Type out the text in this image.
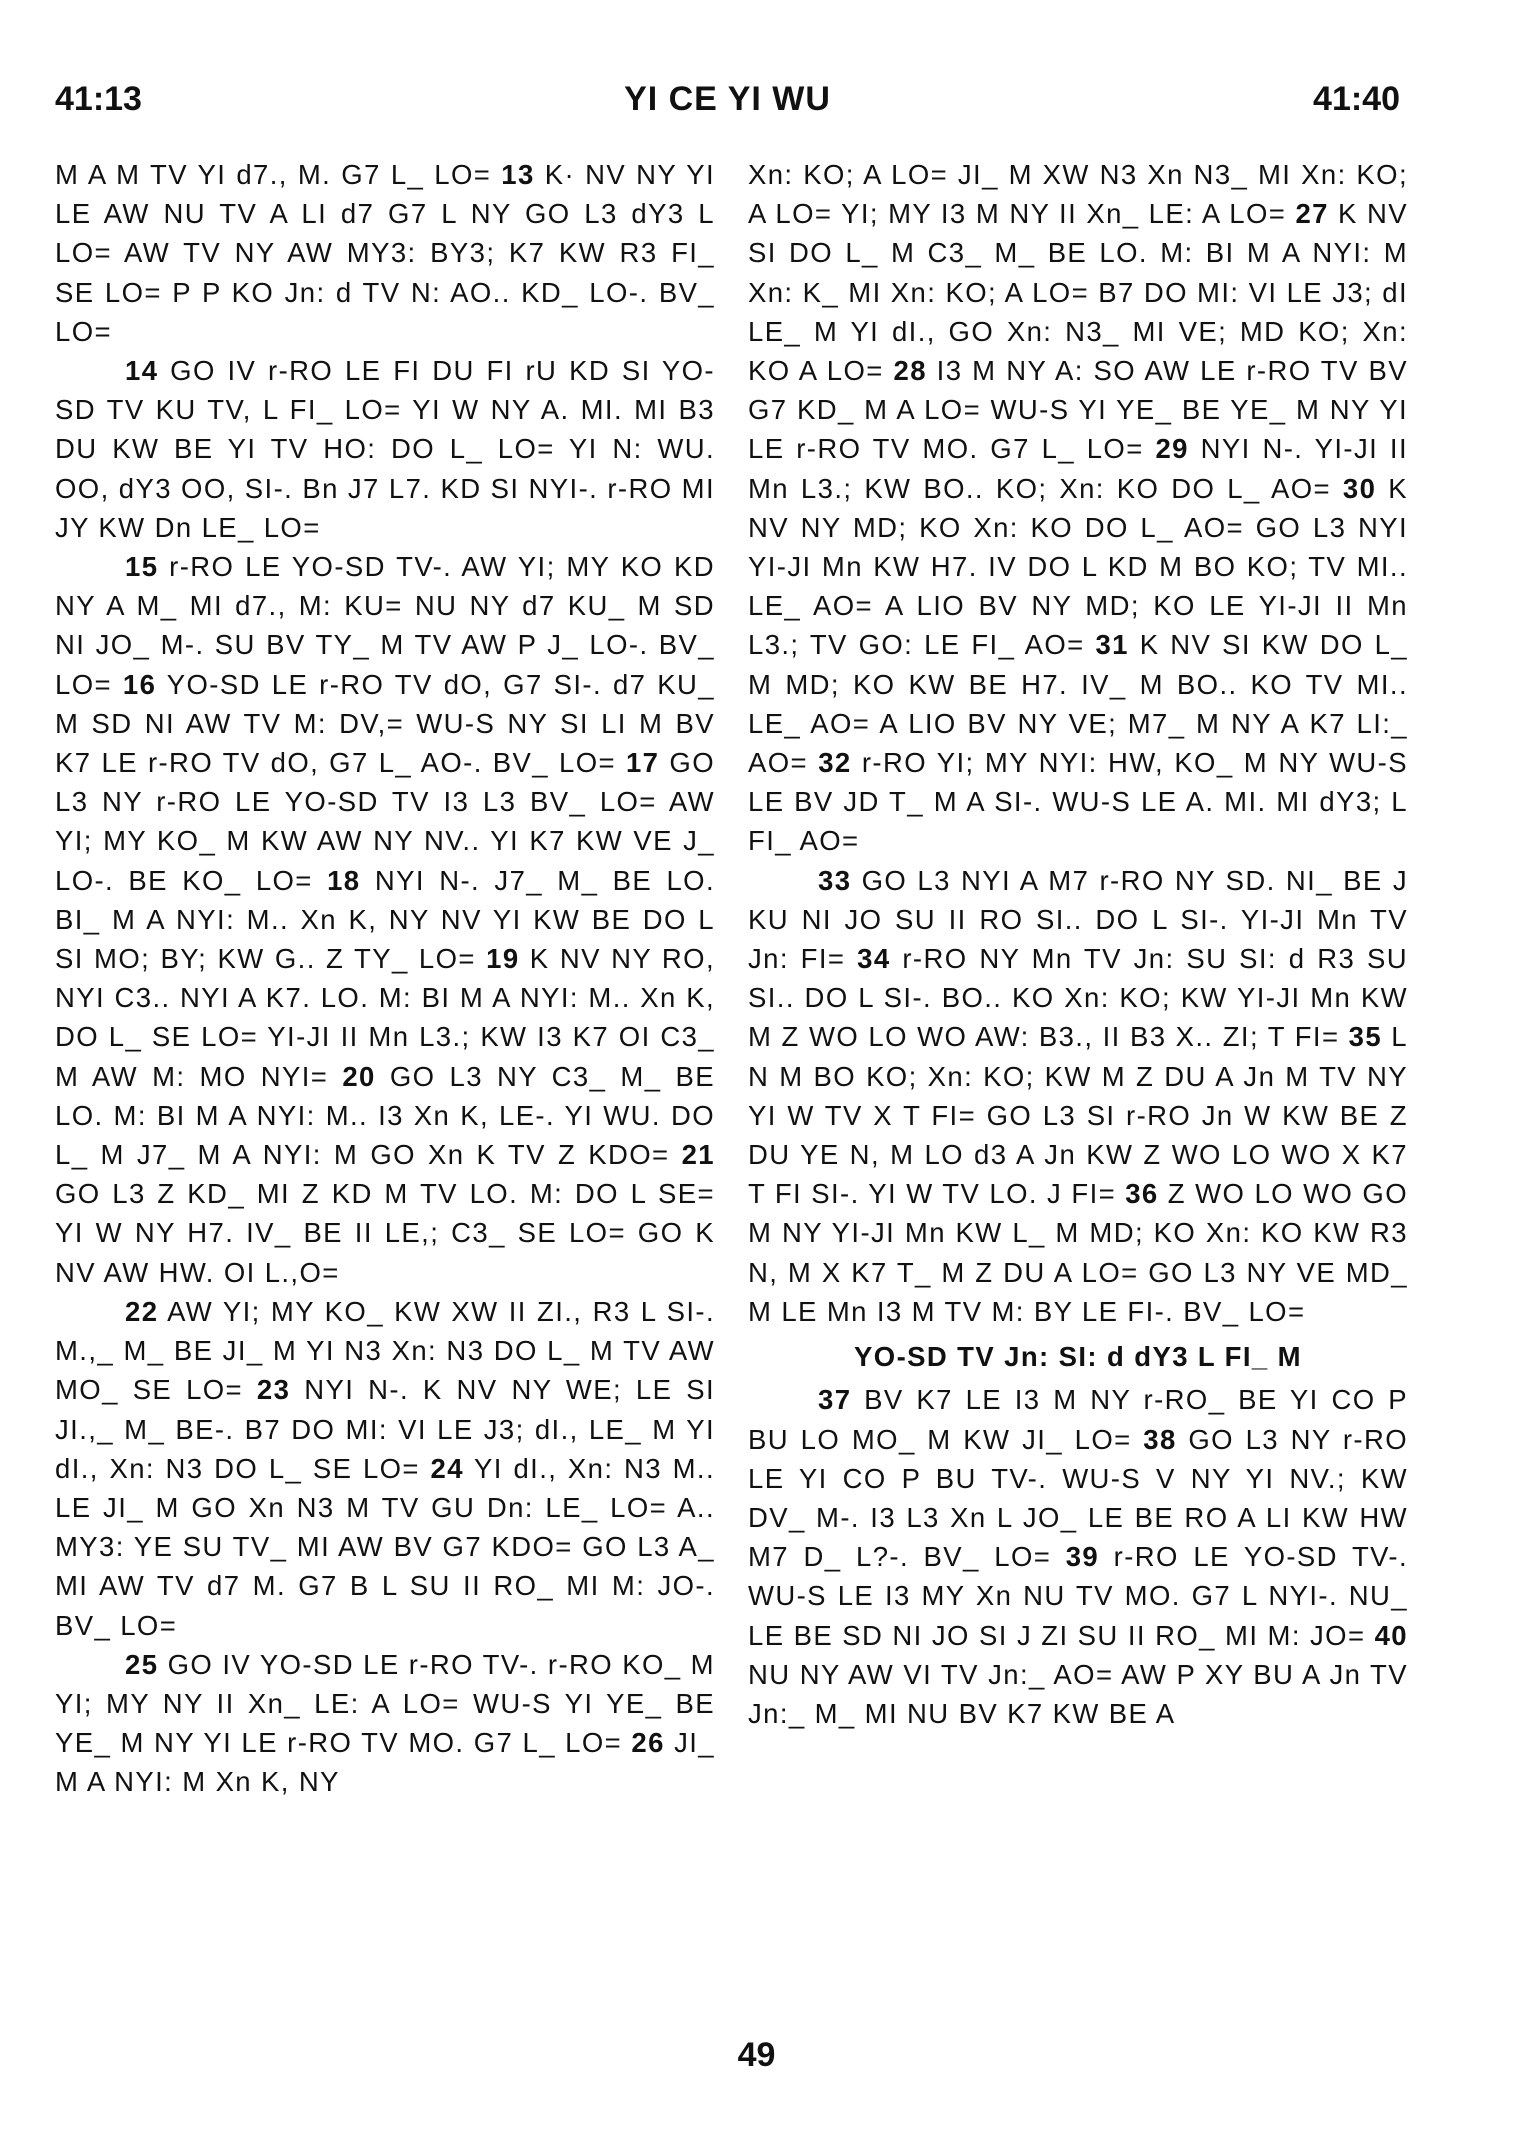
41:13	YI CE YI WU	41:40

M A M TV YI d7., M. G7 L_ LO= 13 K· NV NY YI LE AW NU TV A LI d7 G7 L NY GO L3 dY3 L LO= AW TV NY AW MY3: BY3; K7 KW R3 FI_ SE LO= P P KO Jn: d TV N: AO.. KD_ LO-. BV_ LO=

14 GO IV r-RO LE FI DU FI rU KD SI YO-SD TV KU TV, L FI_ LO= YI W NY A. MI. MI B3 DU KW BE YI TV HO: DO L_ LO= YI N: WU. OO, dY3 OO, SI-. Bn J7 L7. KD SI NYI-. r-RO MI JY KW Dn LE_ LO=

15 r-RO LE YO-SD TV-. AW YI; MY KO KD NY A M_ MI d7., M: KU= NU NY d7 KU_ M SD NI JO_ M-. SU BV TY_ M TV AW P J_ LO-. BV_ LO= 16 YO-SD LE r-RO TV dO, G7 SI-. d7 KU_ M SD NI AW TV M: DV,= WU-S NY SI LI M BV K7 LE r-RO TV dO, G7 L_ AO-. BV_ LO= 17 GO L3 NY r-RO LE YO-SD TV I3 L3 BV_ LO= AW YI; MY KO_ M KW AW NY NV.. YI K7 KW VE J_ LO-. BE KO_ LO= 18 NYI N-. J7_ M_ BE LO. BI_ M A NYI: M.. Xn K, NY NV YI KW BE DO L SI MO; BY; KW G.. Z TY_ LO= 19 K NV NY RO, NYI C3.. NYI A K7. LO. M: BI M A NYI: M.. Xn K, DO L_ SE LO= YI-JI II Mn L3.; KW I3 K7 OI C3_ M AW M: MO NYI= 20 GO L3 NY C3_ M_ BE LO. M: BI M A NYI: M.. I3 Xn K, LE-. YI WU. DO L_ M J7_ M A NYI: M GO Xn K TV Z KDO= 21 GO L3 Z KD_ MI Z KD M TV LO. M: DO L SE= YI W NY H7. IV_ BE II LE,; C3_ SE LO= GO K NV AW HW. OI L.,O=

22 AW YI; MY KO_ KW XW II ZI., R3 L SI-. M.,_ M_ BE JI_ M YI N3 Xn: N3 DO L_ M TV AW MO_ SE LO= 23 NYI N-. K NV NY WE; LE SI JI.,_ M_ BE-. B7 DO MI: VI LE J3; dI., LE_ M YI dI., Xn: N3 DO L_ SE LO= 24 YI dI., Xn: N3 M.. LE JI_ M GO Xn N3 M TV GU Dn: LE_ LO= A.. MY3: YE SU TV_ MI AW BV G7 KDO= GO L3 A_ MI AW TV d7 M. G7 B L SU II RO_ MI M: JO-. BV_ LO=

25 GO IV YO-SD LE r-RO TV-. r-RO KO_ M YI; MY NY II Xn_ LE: A LO= WU-S YI YE_ BE YE_ M NY YI LE r-RO TV MO. G7 L_ LO= 26 JI_ M A NYI: M Xn K, NY

Xn: KO; A LO= JI_ M XW N3 Xn N3_ MI Xn: KO; A LO= YI; MY I3 M NY II Xn_ LE: A LO= 27 K NV SI DO L_ M C3_ M_ BE LO. M: BI M A NYI: M Xn: K_ MI Xn: KO; A LO= B7 DO MI: VI LE J3; dI LE_ M YI dI., GO Xn: N3_ MI VE; MD KO; Xn: KO A LO= 28 I3 M NY A: SO AW LE r-RO TV BV G7 KD_ M A LO= WU-S YI YE_ BE YE_ M NY YI LE r-RO TV MO. G7 L_ LO= 29 NYI N-. YI-JI II Mn L3.; KW BO.. KO; Xn: KO DO L_ AO= 30 K NV NY MD; KO Xn: KO DO L_ AO= GO L3 NYI YI-JI Mn KW H7. IV DO L KD M BO KO; TV MI.. LE_ AO= A LIO BV NY MD; KO LE YI-JI II Mn L3.; TV GO: LE FI_ AO= 31 K NV SI KW DO L_ M MD; KO KW BE H7. IV_ M BO.. KO TV MI.. LE_ AO= A LIO BV NY VE; M7_ M NY A K7 LI:_ AO= 32 r-RO YI; MY NYI: HW, KO_ M NY WU-S LE BV JD T_ M A SI-. WU-S LE A. MI. MI dY3; L FI_ AO=

33 GO L3 NYI A M7 r-RO NY SD. NI_ BE J KU NI JO SU II RO SI.. DO L SI-. YI-JI Mn TV Jn: FI= 34 r-RO NY Mn TV Jn: SU SI: d R3 SU SI.. DO L SI-. BO.. KO Xn: KO; KW YI-JI Mn KW M Z WO LO WO AW: B3., II B3 X.. ZI; T FI= 35 L N M BO KO; Xn: KO; KW M Z DU A Jn M TV NY YI W TV X T FI= GO L3 SI r-RO Jn W KW BE Z DU YE N, M LO d3 A Jn KW Z WO LO WO X K7 T FI SI-. YI W TV LO. J FI= 36 Z WO LO WO GO M NY YI-JI Mn KW L_ M MD; KO Xn: KO KW R3 N, M X K7 T_ M Z DU A LO= GO L3 NY VE MD_ M LE Mn I3 M TV M: BY LE FI-. BV_ LO=

YO-SD TV Jn: SI: d dY3 L FI_ M

37 BV K7 LE I3 M NY r-RO_ BE YI CO P BU LO MO_ M KW JI_ LO= 38 GO L3 NY r-RO LE YI CO P BU TV-. WU-S V NY YI NV.; KW DV_ M-. I3 L3 Xn L JO_ LE BE RO A LI KW HW M7 D_ L?-. BV_ LO= 39 r-RO LE YO-SD TV-. WU-S LE I3 MY Xn NU TV MO. G7 L NYI-. NU_ LE BE SD NI JO SI J ZI SU II RO_ MI M: JO= 40 NU NY AW VI TV Jn:_ AO= AW P XY BU A Jn TV Jn:_ M_ MI NU BV K7 KW BE A

49
